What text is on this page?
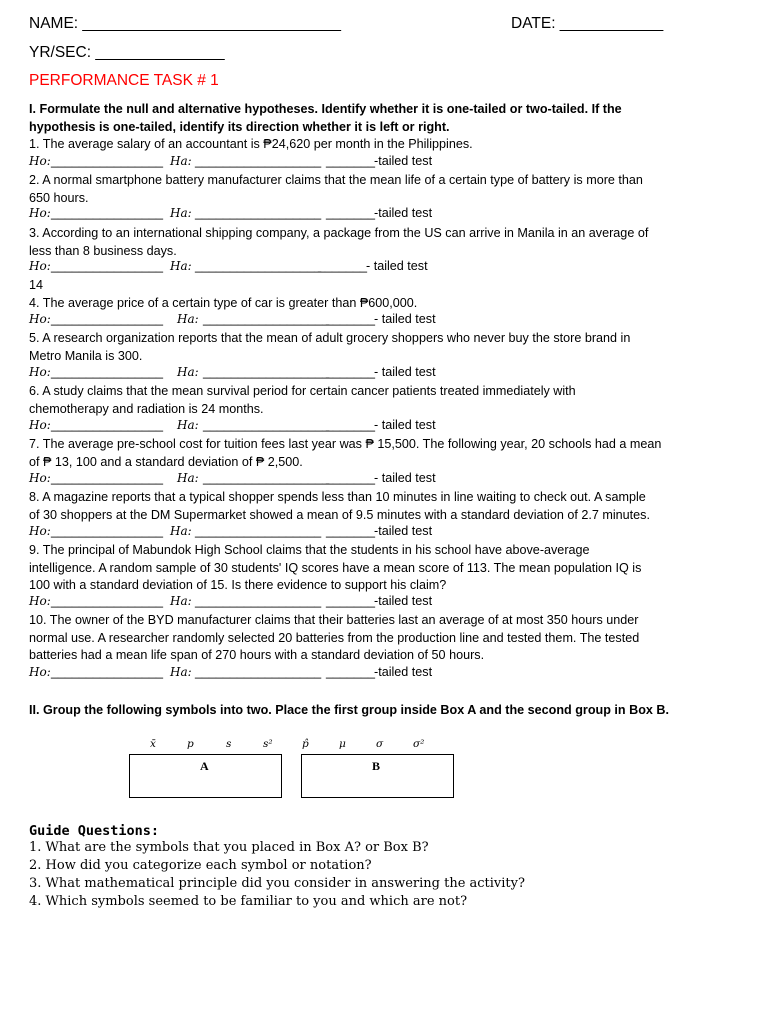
NAME: ______________________________	DATE: ____________
YR/SEC: _______________
PERFORMANCE TASK # 1
I. Formulate the null and alternative hypotheses. Identify whether it is one-tailed or two-tailed. If the
hypothesis is one-tailed, identify its direction whether it is left or right.
1. The average salary of an accountant is ₱24,620 per month in the Philippines.
Ho: ________________ Ha: __________________ _______
-tailed test
2. A normal smartphone battery manufacturer claims that the mean life of a certain type of battery is more than
650 hours.
Ho: ________________ Ha: __________________ _______
-tailed test
3. According to an international shipping company, a package from the US can arrive in Manila in an average of
less than 8 business days.
Ho: ________________ Ha: __________________
_______
- tailed test
14
4. The average price of a certain type of car is greater than ₱600,000.
Ho: ________________ Ha: __________________
_______
- tailed test
5. A research organization reports that the mean of adult grocery shoppers who never buy the store brand in
Metro Manila is 300.
Ho: ________________ Ha: __________________
_______
- tailed test
6. A study claims that the mean survival period for certain cancer patients treated immediately with
chemotherapy and radiation is 24 months.
Ho: ________________ Ha: __________________
_______
- tailed test
7. The average pre-school cost for tuition fees last year was ₱ 15,500. The following year, 20 schools had a mean
of ₱ 13, 100 and a standard deviation of ₱ 2,500.
Ho: ________________ Ha: __________________
_______
- tailed test
8. A magazine reports that a typical shopper spends less than 10 minutes in line waiting to check out. A sample
of 30 shoppers at the DM Supermarket showed a mean of 9.5 minutes with a standard deviation of 2.7 minutes.
Ho: ________________ Ha: __________________ _______
-tailed test
9. The principal of Mabundok High School claims that the students in his school have above-average
intelligence. A random sample of 30 students' IQ scores have a mean score of 113. The mean population IQ is
100 with a standard deviation of 15. Is there evidence to support his claim?
Ho: ________________ Ha: __________________ _______
-tailed test
10. The owner of the BYD manufacturer claims that their batteries last an average of at most 350 hours under
normal use. A researcher randomly selected 20 batteries from the production line and tested them. The tested
batteries had a mean life span of 270 hours with a standard deviation of 50 hours.
Ho: ________________ Ha: __________________ _______
-tailed test
II. Group the following symbols into two. Place the first group inside Box A and the second group in Box B.
x̄	p	s	s²	p̂	μ	σ	σ²
A	B
Guide Questions:
1. What are the symbols that you placed in Box A? or Box B?
2. How did you categorize each symbol or notation?
3. What mathematical principle did you consider in answering the activity?
4. Which symbols seemed to be familiar to you and which are not?
